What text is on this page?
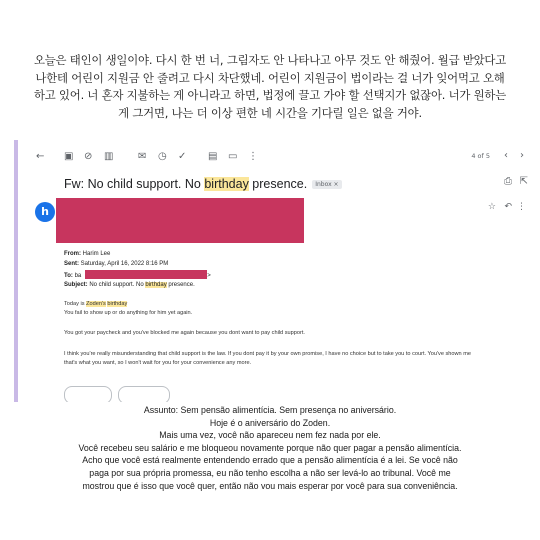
오늘은 태인이 생일이야. 다시 한 번 너, 그림자도 안 나타나고 아무 것도 안 해줬어. 월급 받았다고 나한테 어린이 지원금 안 줄려고 다시 차단했네. 어린이 지원금이 법이라는 걸 너가 잊어먹고 오해하고 있어. 너 혼자 지불하는 게 아니라고 하면, 법정에 끌고 가야 할 선택지가 없잖아. 너가 원하는 게 그거면, 나는 더 이상 편한 네 시간을 기다릴 일은 없을 거야.
← ▣ ⊘ ▥ ✉ ◷ ✓ ▤ ▭ ⋮	4 of 5 ‹ ›
Fw: No child support. No birthday presence. Inbox ×	⎙ ⇱
h	☆ ↶ ⋮
From: Harim Lee
Sent: Saturday, April 16, 2022 8:16 PM
To: ba	>
Subject: No child support. No birthday presence.
Today is Zoden's birthday
You fail to show up or do anything for him yet again.
You got your paycheck and you've blocked me again because you dont want to pay child support.
I think you're really misunderstanding that child support is the law. If you dont pay it by your own promise, I have no choice but to take you to court. You've shown me
that's what you want, so I won't wait for you for your convenience any more.
Assunto: Sem pensão alimentícia. Sem presença no aniversário.
Hoje é o aniversário do Zoden.
Mais uma vez, você não apareceu nem fez nada por ele.
Você recebeu seu salário e me bloqueou novamente porque não quer pagar a pensão alimentícia.
Acho que você está realmente entendendo errado que a pensão alimentícia é a lei. Se você não
paga por sua própria promessa, eu não tenho escolha a não ser levá-lo ao tribunal. Você me
mostrou que é isso que você quer, então não vou mais esperar por você para sua conveniência.
